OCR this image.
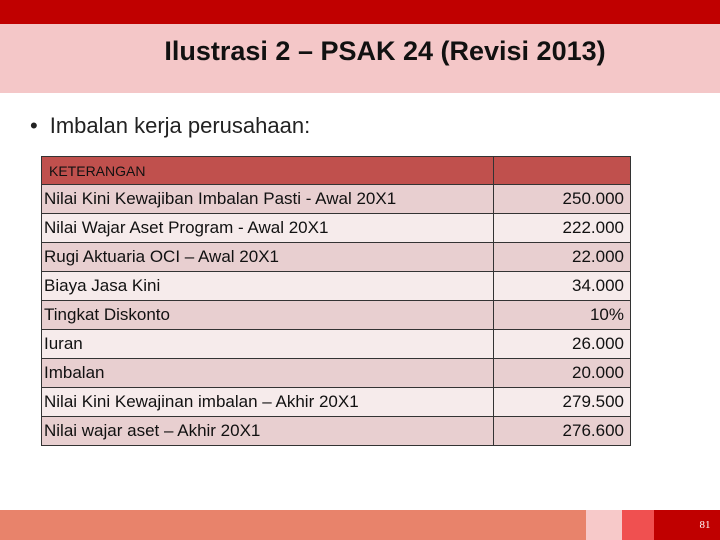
Ilustrasi 2 – PSAK 24 (Revisi 2013)
• Imbalan kerja perusahaan:
KETERANGAN	
Nilai Kini Kewajiban Imbalan Pasti - Awal 20X1	250.000
Nilai Wajar Aset Program - Awal 20X1	222.000
Rugi Aktuaria OCI – Awal 20X1	22.000
Biaya Jasa Kini	34.000
Tingkat Diskonto	10%
Iuran	26.000
Imbalan	20.000
Nilai Kini Kewajinan imbalan – Akhir 20X1	279.500
Nilai wajar aset – Akhir 20X1	276.600
81
